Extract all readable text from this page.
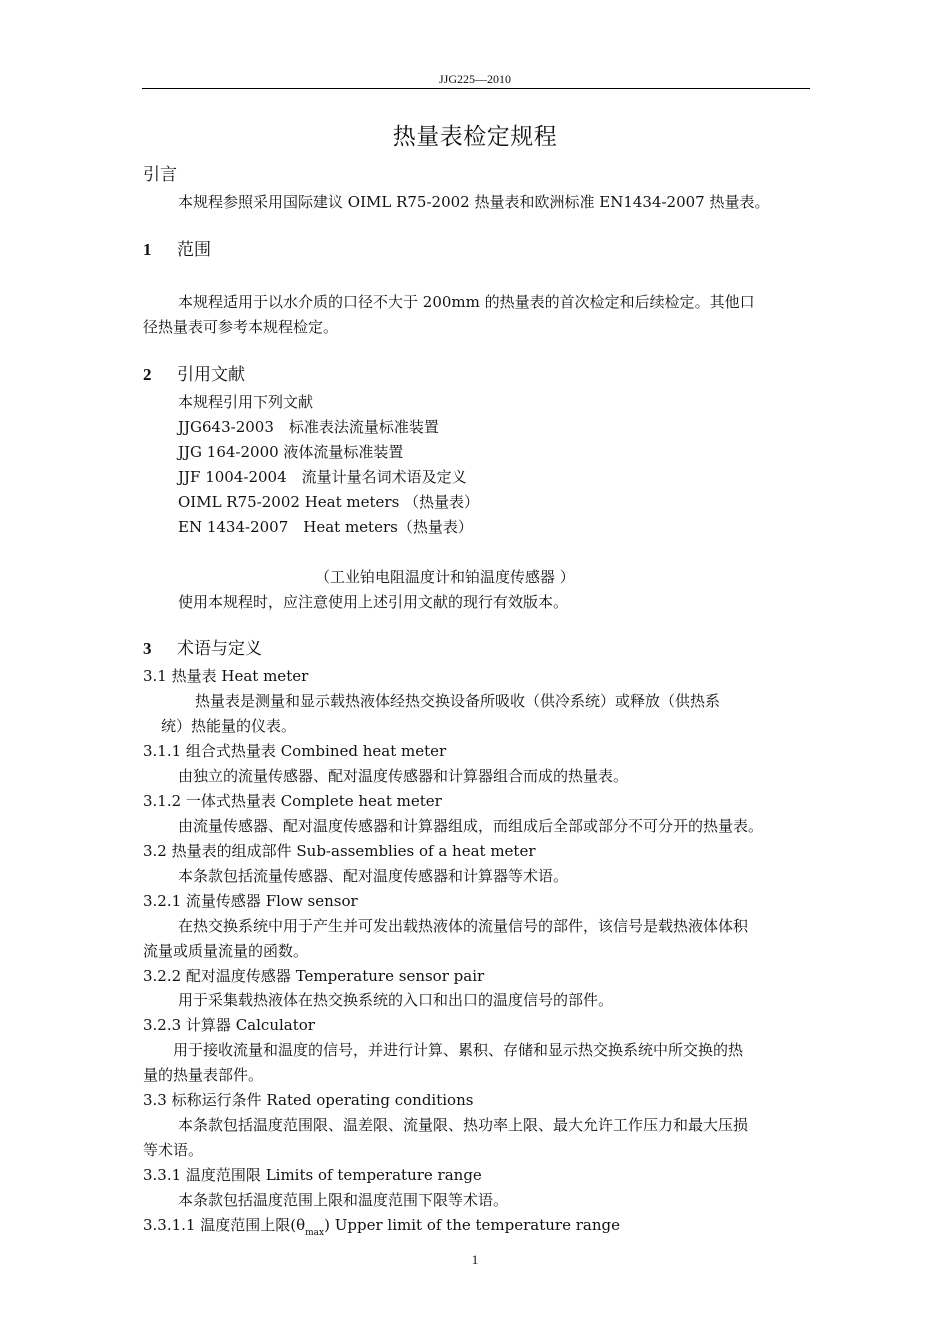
JJG225—2010
热量表检定规程
引言
本规程参照采用国际建议 OIML R75-2002 热量表和欧洲标准 EN1434-2007 热量表。
1 范围
本规程适用于以水介质的口径不大于 200mm 的热量表的首次检定和后续检定。其他口
径热量表可参考本规程检定。
2 引用文献
本规程引用下列文献
JJG643-2003　标准表法流量标准装置
JJG 164-2000 液体流量标准装置
JJF 1004-2004　流量计量名词术语及定义
OIML R75-2002 Heat meters （热量表）
EN 1434-2007　Heat meters（热量表）
（工业铂电阻温度计和铂温度传感器 ）
使用本规程时，应注意使用上述引用文献的现行有效版本。
3 术语与定义
3.1 热量表 Heat meter
热量表是测量和显示载热液体经热交换设备所吸收（供冷系统）或释放（供热系
统）热能量的仪表。
3.1.1 组合式热量表 Combined heat meter
由独立的流量传感器、配对温度传感器和计算器组合而成的热量表。
3.1.2 一体式热量表 Complete heat meter
由流量传感器、配对温度传感器和计算器组成，而组成后全部或部分不可分开的热量表。
3.2 热量表的组成部件 Sub-assemblies of a heat meter
本条款包括流量传感器、配对温度传感器和计算器等术语。
3.2.1 流量传感器 Flow sensor
在热交换系统中用于产生并可发出载热液体的流量信号的部件，该信号是载热液体体积
流量或质量流量的函数。
3.2.2 配对温度传感器 Temperature sensor pair
用于采集载热液体在热交换系统的入口和出口的温度信号的部件。
3.2.3 计算器 Calculator
用于接收流量和温度的信号，并进行计算、累积、存储和显示热交换系统中所交换的热
量的热量表部件。
3.3 标称运行条件 Rated operating conditions
本条款包括温度范围限、温差限、流量限、热功率上限、最大允许工作压力和最大压损
等术语。
3.3.1 温度范围限 Limits of temperature range
本条款包括温度范围上限和温度范围下限等术语。
3.3.1.1 温度范围上限$(\theta_{max})$ Upper limit of the temperature range
1
